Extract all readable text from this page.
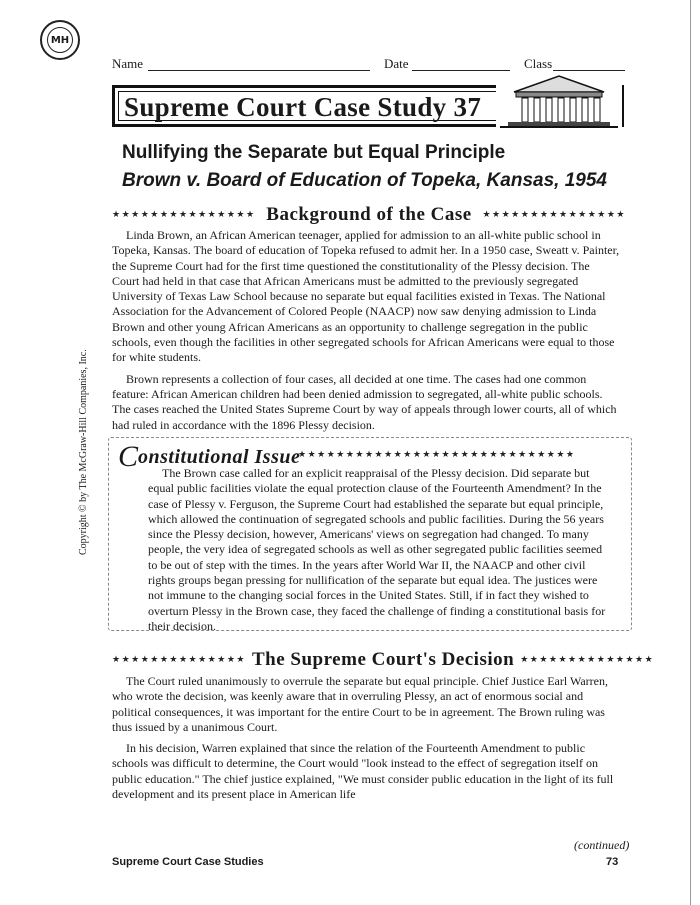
MH
Name	Date	Class
Supreme Court Case Study 37
Nullifying the Separate but Equal Principle
Brown v. Board of Education of Topeka, Kansas, 1954
★★★★★★★★★★★★★★★ Background of the Case	★★★★★★★★★★★★★★★

Linda Brown, an African American teenager, applied for admission to an all-white public school in Topeka, Kansas. The board of education of Topeka refused to admit her. In a 1950 case, Sweatt v. Painter, the Supreme Court had for the first time questioned the constitutionality of the Plessy decision. The Court had held in that case that African Americans must be admitted to the previously segregated University of Texas Law School because no separate but equal facilities existed in Texas. The National Association for the Advancement of Colored People (NAACP) now saw denying admission to Linda Brown and other young African Americans as an opportunity to challenge segregation in the public schools, even though the facilities in other segregated schools for African Americans were equal to those for white students.

Brown represents a collection of four cases, all decided at one time. The cases had one common feature: African American children had been denied admission to segregated, all-white public schools. The cases reached the United States Supreme Court by way of appeals through lower courts, all of which had ruled in accordance with the 1896 Plessy decision.

C onstitutional Issue
★★★★★★★★★★★★★★★★★★★★★★★★★★★★★

The Brown case called for an explicit reappraisal of the Plessy decision. Did separate but equal public facilities violate the equal protection clause of the Fourteenth Amendment? In the case of Plessy v. Ferguson, the Supreme Court had established the separate but equal principle, which allowed the continuation of segregated schools and public facilities. During the 56 years since the Plessy decision, however, Americans' views on segregation had changed. To many people, the very idea of segregated schools as well as other segregated public facilities seemed to be out of step with the times. In the years after World War II, the NAACP and other civil rights groups began pressing for nullification of the separate but equal idea. The justices were not immune to the changing social forces in the United States. Still, if in fact they wished to overturn Plessy in the Brown case, they faced the challenge of finding a constitutional basis for their decision.

Copyright © by The McGraw-Hill Companies, Inc.
★★★★★★★★★★★★★★ The Supreme Court's Decision ★★★★★★★★★★★★★★

The Court ruled unanimously to overrule the separate but equal principle. Chief Justice Earl Warren, who wrote the decision, was keenly aware that in overruling Plessy, an act of enormous social and political consequences, it was important for the entire Court to be in agreement. The Brown ruling was thus issued by a unanimous Court.

In his decision, Warren explained that since the relation of the Fourteenth Amendment to public schools was difficult to determine, the Court would "look instead to the effect of segregation itself on public education." The chief justice explained, "We must consider public education in the light of its full development and its present place in American life

(continued)
Supreme Court Case Studies	73
